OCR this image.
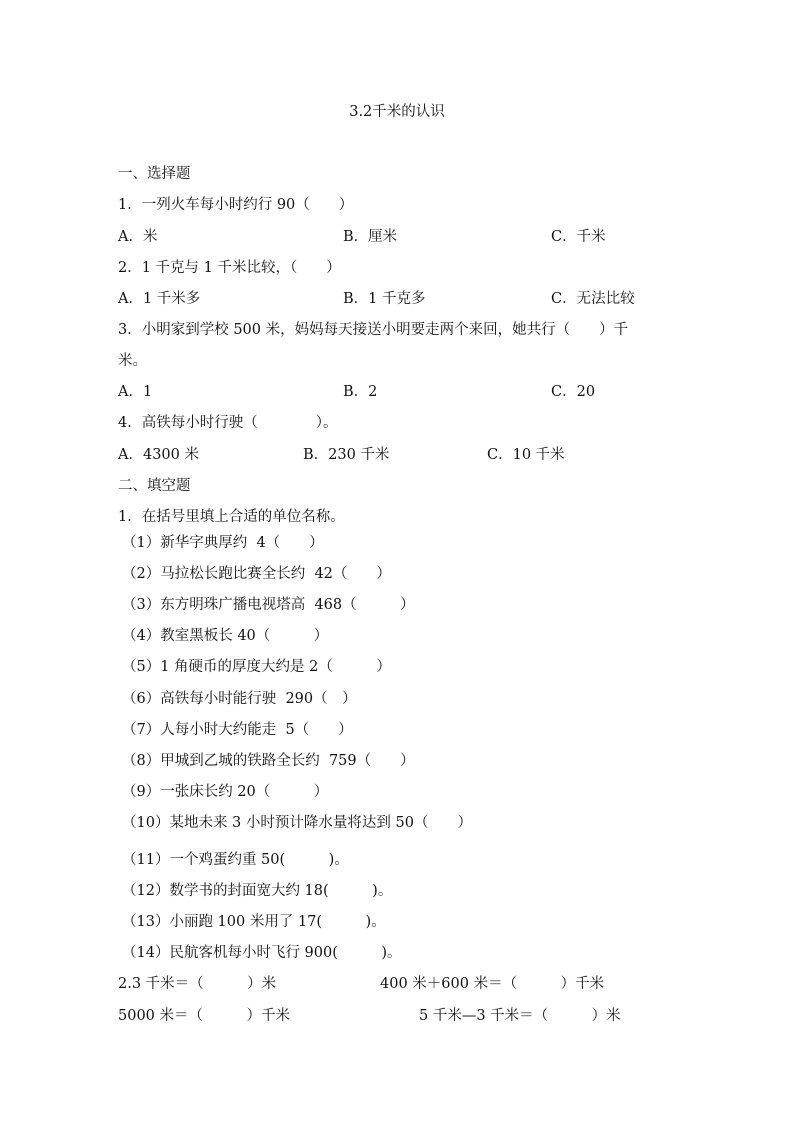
3.2千米的认识
一、选择题
1．一列火车每小时约行 90（　　）
A．米	B．厘米	C．千米
2．1 千克与 1 千米比较，（　　）
A．1 千米多	B．1 千克多	C．无法比较
3．小明家到学校 500 米，妈妈每天接送小明要走两个来回，她共行（　　）千
米。
A．1	B．2	C．20
4．高铁每小时行驶（　　　　）。
A．4300 米	B．230 千米	C．10 千米
二、填空题
1．在括号里填上合适的单位名称。
（1）新华字典厚约  4（　　）
（2）马拉松长跑比赛全长约  42（　　）
（3）东方明珠广播电视塔高  468（　　　）
（4）教室黑板长 40（　　　）
（5）1 角硬币的厚度大约是 2（　　　）
（6）高铁每小时能行驶  290（　）
（7）人每小时大约能走  5（　　）
（8）甲城到乙城的铁路全长约  759（　　）
（9）一张床长约 20（　　　）
（10）某地未来 3 小时预计降水量将达到 50（　　）
（11）一个鸡蛋约重 50(　　　)。
（12）数学书的封面宽大约 18(　　　)。
（13）小丽跑 100 米用了 17(　　　)。
（14）民航客机每小时飞行 900(　　　)。
2.3 千米＝（　　　）米	400 米＋600 米＝（　　　）千米
5000 米＝（　　　）千米	5 千米—3 千米＝（　　　）米
